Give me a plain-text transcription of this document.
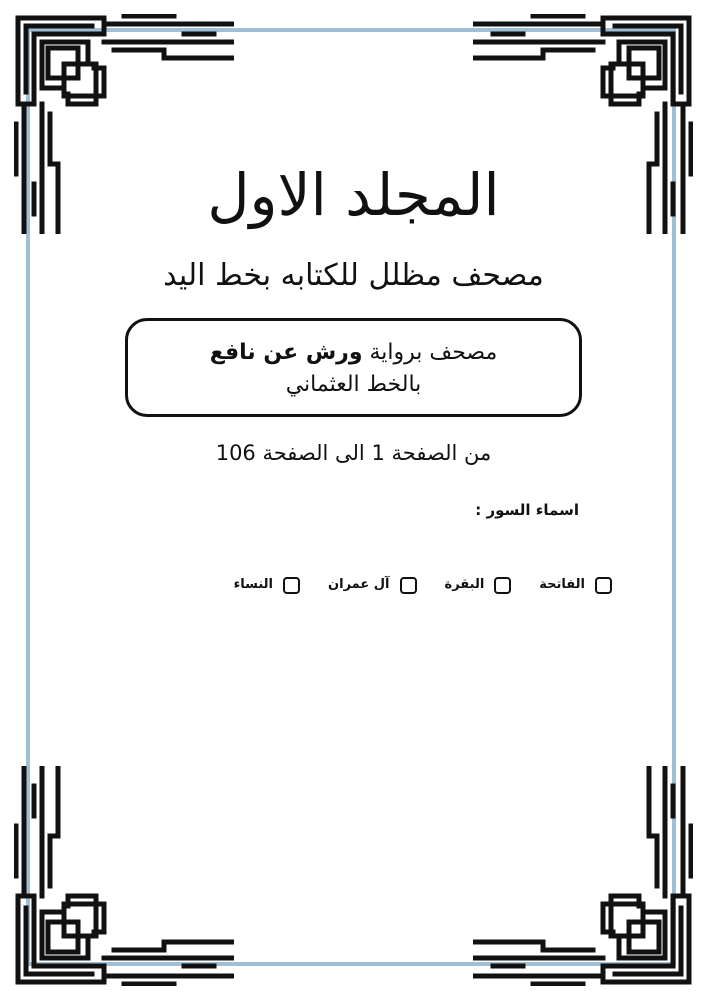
المجلد الاول
مصحف مظلل للكتابه بخط اليد
مصحف برواية ورش عن نافع
بالخط العثماني
من الصفحة 1 الى الصفحة 106
اسماء السور :
الفاتحة
البقرة
آل عمران
النساء
